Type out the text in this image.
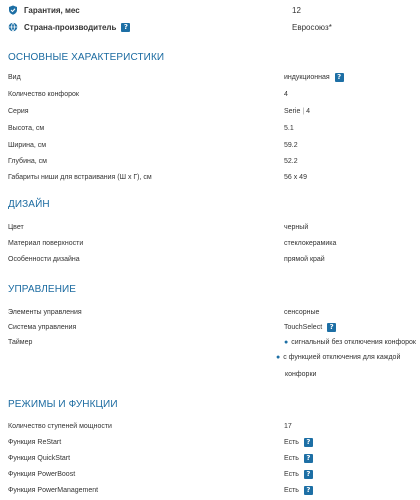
Гарантия, мес	12
Страна-производитель	?	Евросоюз*
ОСНОВНЫЕ ХАРАКТЕРИСТИКИ
Вид	индукционная	?
Количество конфорок	4
Серия	Serie | 4
Высота, см	5.1
Ширина, см	59.2
Глубина, см	52.2
Габариты ниши для встраивания (Ш х Г), см	56 x 49
ДИЗАЙН
Цвет	черный
Материал поверхности	стеклокерамика
Особенности дизайна	прямой край
УПРАВЛЕНИЕ
Элементы управления	сенсорные
Система управления	TouchSelect	?
Таймер	● сигнальный без отключения конфорок
● с функцией отключения для каждой
конфорки
РЕЖИМЫ И ФУНКЦИИ
Количество ступеней мощности	17
Функция ReStart	Есть	?
Функция QuickStart	Есть	?
Функция PowerBoost	Есть	?
Функция PowerManagement	Есть	?
